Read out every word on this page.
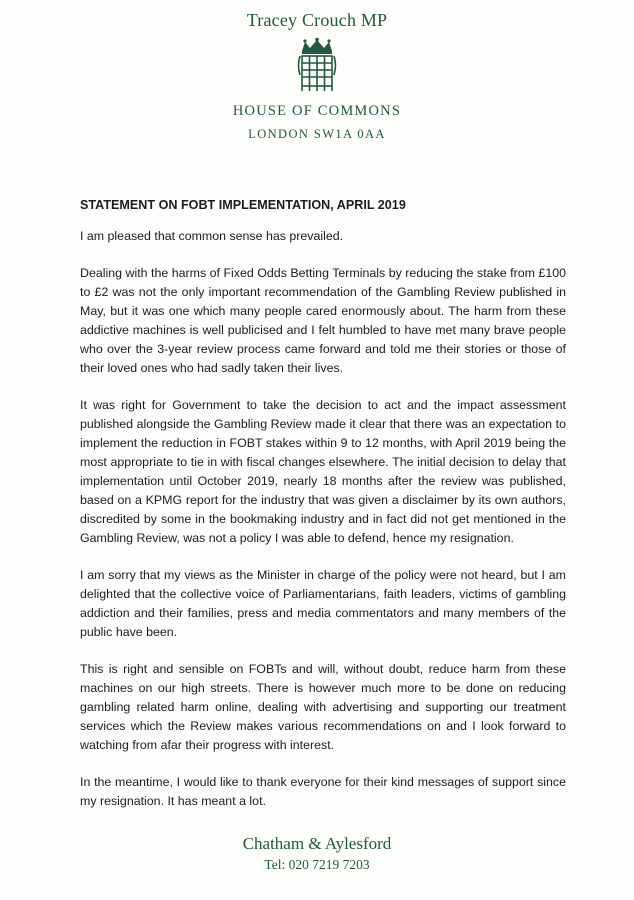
Tracey Crouch MP
HOUSE OF COMMONS
LONDON SW1A 0AA

STATEMENT ON FOBT IMPLEMENTATION, APRIL 2019

I am pleased that common sense has prevailed.

Dealing with the harms of Fixed Odds Betting Terminals by reducing the stake from £100 to £2 was not the only important recommendation of the Gambling Review published in May, but it was one which many people cared enormously about. The harm from these addictive machines is well publicised and I felt humbled to have met many brave people who over the 3-year review process came forward and told me their stories or those of their loved ones who had sadly taken their lives.

It was right for Government to take the decision to act and the impact assessment published alongside the Gambling Review made it clear that there was an expectation to implement the reduction in FOBT stakes within 9 to 12 months, with April 2019 being the most appropriate to tie in with fiscal changes elsewhere. The initial decision to delay that implementation until October 2019, nearly 18 months after the review was published, based on a KPMG report for the industry that was given a disclaimer by its own authors, discredited by some in the bookmaking industry and in fact did not get mentioned in the Gambling Review, was not a policy I was able to defend, hence my resignation.

I am sorry that my views as the Minister in charge of the policy were not heard, but I am delighted that the collective voice of Parliamentarians, faith leaders, victims of gambling addiction and their families, press and media commentators and many members of the public have been.

This is right and sensible on FOBTs and will, without doubt, reduce harm from these machines on our high streets. There is however much more to be done on reducing gambling related harm online, dealing with advertising and supporting our treatment services which the Review makes various recommendations on and I look forward to watching from afar their progress with interest.

In the meantime, I would like to thank everyone for their kind messages of support since my resignation. It has meant a lot.

Chatham & Aylesford
Tel: 020 7219 7203
